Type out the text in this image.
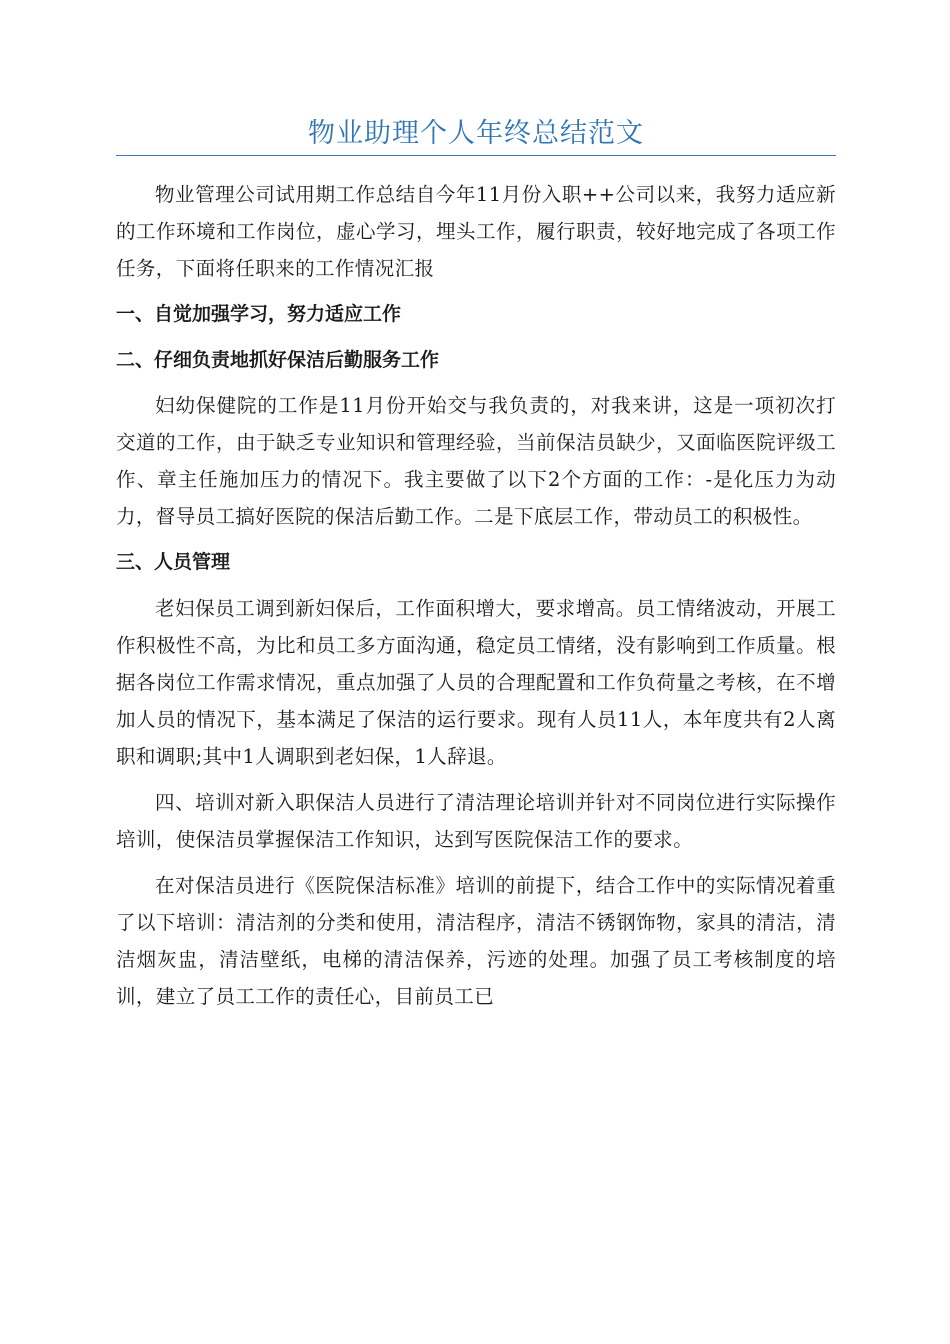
物业助理个人年终总结范文

物业管理公司试用期工作总结自今年11月份入职++公司以来，我努力适应新的工作环境和工作岗位，虚心学习，埋头工作，履行职责，较好地完成了各项工作任务，下面将任职来的工作情况汇报

一、自觉加强学习，努力适应工作

二、仔细负责地抓好保洁后勤服务工作

妇幼保健院的工作是11月份开始交与我负责的，对我来讲，这是一项初次打交道的工作，由于缺乏专业知识和管理经验，当前保洁员缺少，又面临医院评级工作、章主任施加压力的情况下。我主要做了以下2个方面的工作：-是化压力为动力，督导员工搞好医院的保洁后勤工作。二是下底层工作，带动员工的积极性。

三、人员管理

老妇保员工调到新妇保后，工作面积增大，要求增高。员工情绪波动，开展工作积极性不高，为比和员工多方面沟通，稳定员工情绪，没有影响到工作质量。根据各岗位工作需求情况，重点加强了人员的合理配置和工作负荷量之考核，在不增加人员的情况下，基本满足了保洁的运行要求。现有人员11人，本年度共有2人离职和调职;其中1人调职到老妇保，1人辞退。

四、培训对新入职保洁人员进行了清洁理论培训并针对不同岗位进行实际操作培训，使保洁员掌握保洁工作知识，达到写医院保洁工作的要求。

在对保洁员进行《医院保洁标准》培训的前提下，结合工作中的实际情况着重了以下培训：清洁剂的分类和使用，清洁程序，清洁不锈钢饰物，家具的清洁，清洁烟灰盅，清洁壁纸，电梯的清洁保养，污迹的处理。加强了员工考核制度的培训，建立了员工工作的责任心，目前员工已
